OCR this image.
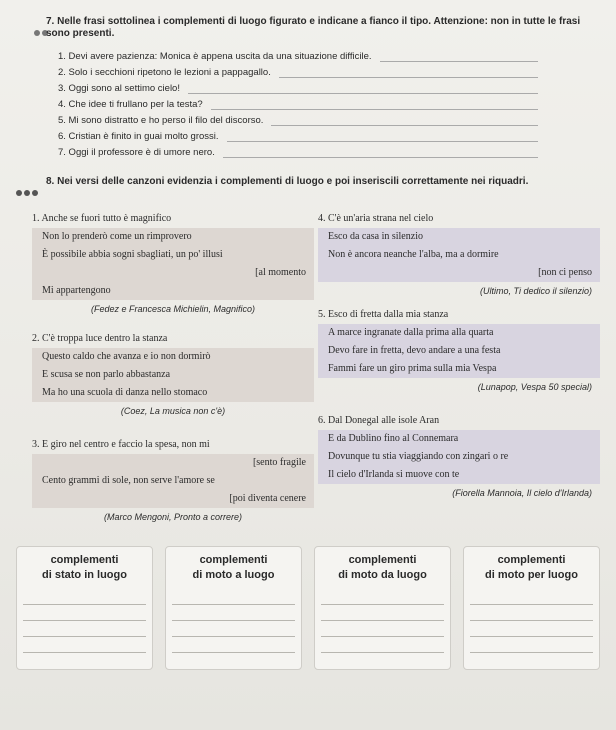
7. Nelle frasi sottolinea i complementi di luogo figurato e indicane a fianco il tipo. Attenzione: non in tutte le frasi sono presenti.
1. Devi avere pazienza: Monica è appena uscita da una situazione difficile.
2. Solo i secchioni ripetono le lezioni a pappagallo.
3. Oggi sono al settimo cielo!
4. Che idee ti frullano per la testa?
5. Mi sono distratto e ho perso il filo del discorso.
6. Cristian è finito in guai molto grossi.
7. Oggi il professore è di umore nero.
8. Nei versi delle canzoni evidenzia i complementi di luogo e poi inseriscili correttamente nei riquadri.
1. Anche se fuori tutto è magnifico
Non lo prenderò come un rimprovero
È possibile abbia sogni sbagliati, un po' illusi
[al momento
Mi appartengono
(Fedez e Francesca Michielin, Magnifico)
4. C'è un'aria strana nel cielo
Esco da casa in silenzio
Non è ancora neanche l'alba, ma a dormire
[non ci penso
(Ultimo, Ti dedico il silenzio)
2. C'è troppa luce dentro la stanza
Questo caldo che avanza e io non dormirò
E scusa se non parlo abbastanza
Ma ho una scuola di danza nello stomaco
(Coez, La musica non c'è)
5. Esco di fretta dalla mia stanza
A marce ingranate dalla prima alla quarta
Devo fare in fretta, devo andare a una festa
Fammi fare un giro prima sulla mia Vespa
(Lunapop, Vespa 50 special)
3. E giro nel centro e faccio la spesa, non mi
[sento fragile
Cento grammi di sole, non serve l'amore se
[poi diventa cenere
(Marco Mengoni, Pronto a correre)
6. Dal Donegal alle isole Aran
E da Dublino fino al Connemara
Dovunque tu stia viaggiando con zingari o re
Il cielo d'Irlanda si muove con te
(Fiorella Mannoia, Il cielo d'Irlanda)
complementi
di stato in luogo
complementi
di moto a luogo
complementi
di moto da luogo
complementi
di moto per luogo
